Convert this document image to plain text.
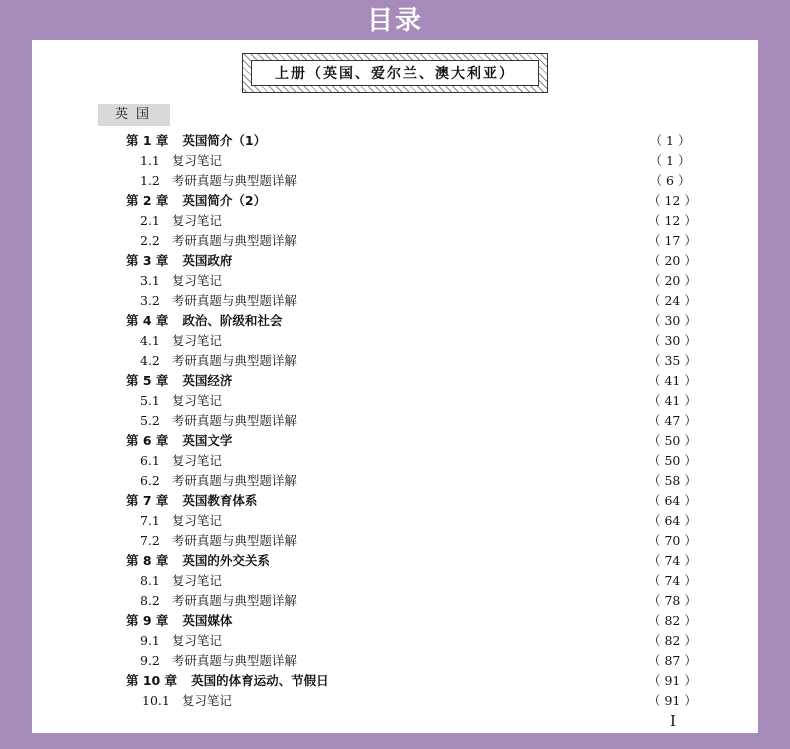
目录
上册（英国、爱尔兰、澳大利亚）
英国
第 1 章 英国简介（1）	（ 1 ）
1.1 复习笔记	（ 1 ）
1.2 考研真题与典型题详解	（ 6 ）
第 2 章 英国简介（2）	（ 12 ）
2.1 复习笔记	（ 12 ）
2.2 考研真题与典型题详解	（ 17 ）
第 3 章 英国政府	（ 20 ）
3.1 复习笔记	（ 20 ）
3.2 考研真题与典型题详解	（ 24 ）
第 4 章 政治、阶级和社会	（ 30 ）
4.1 复习笔记	（ 30 ）
4.2 考研真题与典型题详解	（ 35 ）
第 5 章 英国经济	（ 41 ）
5.1 复习笔记	（ 41 ）
5.2 考研真题与典型题详解	（ 47 ）
第 6 章 英国文学	（ 50 ）
6.1 复习笔记	（ 50 ）
6.2 考研真题与典型题详解	（ 58 ）
第 7 章 英国教育体系	（ 64 ）
7.1 复习笔记	（ 64 ）
7.2 考研真题与典型题详解	（ 70 ）
第 8 章 英国的外交关系	（ 74 ）
8.1 复习笔记	（ 74 ）
8.2 考研真题与典型题详解	（ 78 ）
第 9 章 英国媒体	（ 82 ）
9.1 复习笔记	（ 82 ）
9.2 考研真题与典型题详解	（ 87 ）
第 10 章 英国的体育运动、节假日	（ 91 ）
10.1 复习笔记	（ 91 ）
I
